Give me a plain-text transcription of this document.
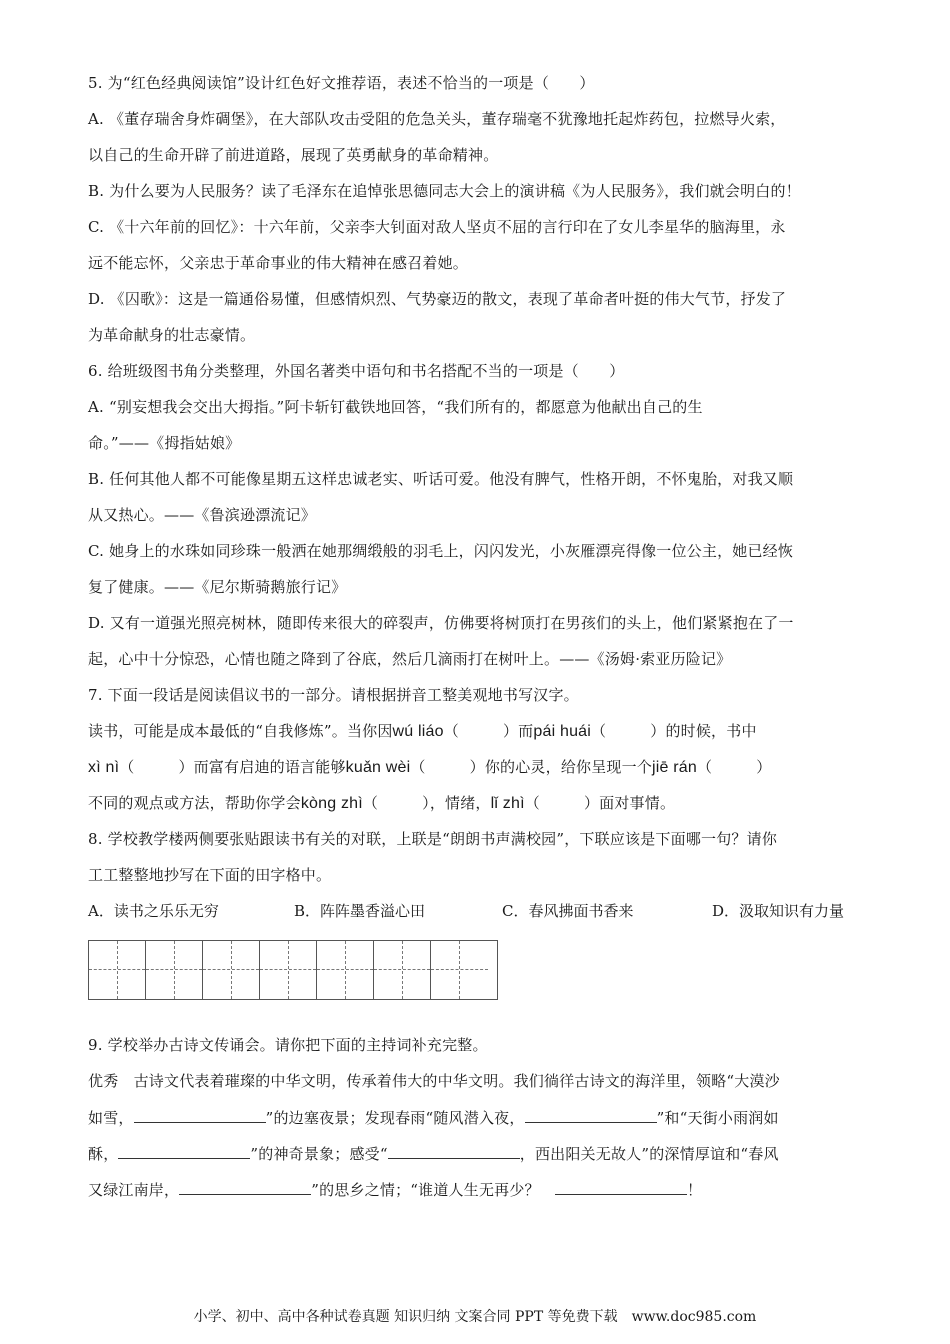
5. 为“红色经典阅读馆”设计红色好文推荐语，表述不恰当的一项是（　　）
A. 《董存瑞舍身炸碉堡》，在大部队攻击受阻的危急关头，董存瑞毫不犹豫地托起炸药包，拉燃导火索，
以自己的生命开辟了前进道路，展现了英勇献身的革命精神。
B. 为什么要为人民服务？读了毛泽东在追悼张思德同志大会上的演讲稿《为人民服务》，我们就会明白的！
C. 《十六年前的回忆》：十六年前，父亲李大钊面对敌人坚贞不屈的言行印在了女儿李星华的脑海里，永
远不能忘怀，父亲忠于革命事业的伟大精神在感召着她。
D. 《囚歌》：这是一篇通俗易懂，但感情炽烈、气势豪迈的散文，表现了革命者叶挺的伟大气节，抒发了
为革命献身的壮志豪情。
6. 给班级图书角分类整理，外国名著类中语句和书名搭配不当的一项是（　　）
A. “别妄想我会交出大拇指。”阿卡斩钉截铁地回答，“我们所有的，都愿意为他献出自己的生
命。”——《拇指姑娘》
B. 任何其他人都不可能像星期五这样忠诚老实、听话可爱。他没有脾气，性格开朗，不怀鬼胎，对我又顺
从又热心。——《鲁滨逊漂流记》
C. 她身上的水珠如同珍珠一般洒在她那绸缎般的羽毛上，闪闪发光，小灰雁漂亮得像一位公主，她已经恢
复了健康。——《尼尔斯骑鹅旅行记》
D. 又有一道强光照亮树林，随即传来很大的碎裂声，仿佛要将树顶打在男孩们的头上，他们紧紧抱在了一
起，心中十分惊恐，心情也随之降到了谷底，然后几滴雨打在树叶上。——《汤姆·索亚历险记》
7. 下面一段话是阅读倡议书的一部分。请根据拼音工整美观地书写汉字。
读书，可能是成本最低的“自我修炼”。当你因wú liáo（	）而pái huái（	）的时候，书中
xì nì（	）而富有启迪的语言能够kuǎn wèi（	）你的心灵，给你呈现一个jiē rán（	）
不同的观点或方法，帮助你学会kòng zhì（	），情绪，lǐ zhì（	）面对事情。
8. 学校教学楼两侧要张贴跟读书有关的对联，上联是“朗朗书声满校园”，下联应该是下面哪一句？请你
工工整整地抄写在下面的田字格中。
A．读书之乐乐无穷	B．阵阵墨香溢心田	C．春风拂面书香来	D．汲取知识有力量
9. 学校举办古诗文传诵会。请你把下面的主持词补充完整。
优秀　古诗文代表着璀璨的中华文明，传承着伟大的中华文明。我们徜徉古诗文的海洋里，领略“大漠沙
如雪，	”的边塞夜景；发现春雨“随风潜入夜，	”和“天街小雨润如
酥，	”的神奇景象；感受“	，西出阳关无故人”的深情厚谊和“春风
又绿江南岸，	”的思乡之情；“谁道人生无再少？　	！
小学、初中、高中各种试卷真题 知识归纳 文案合同 PPT 等免费下载　www.doc985.com
